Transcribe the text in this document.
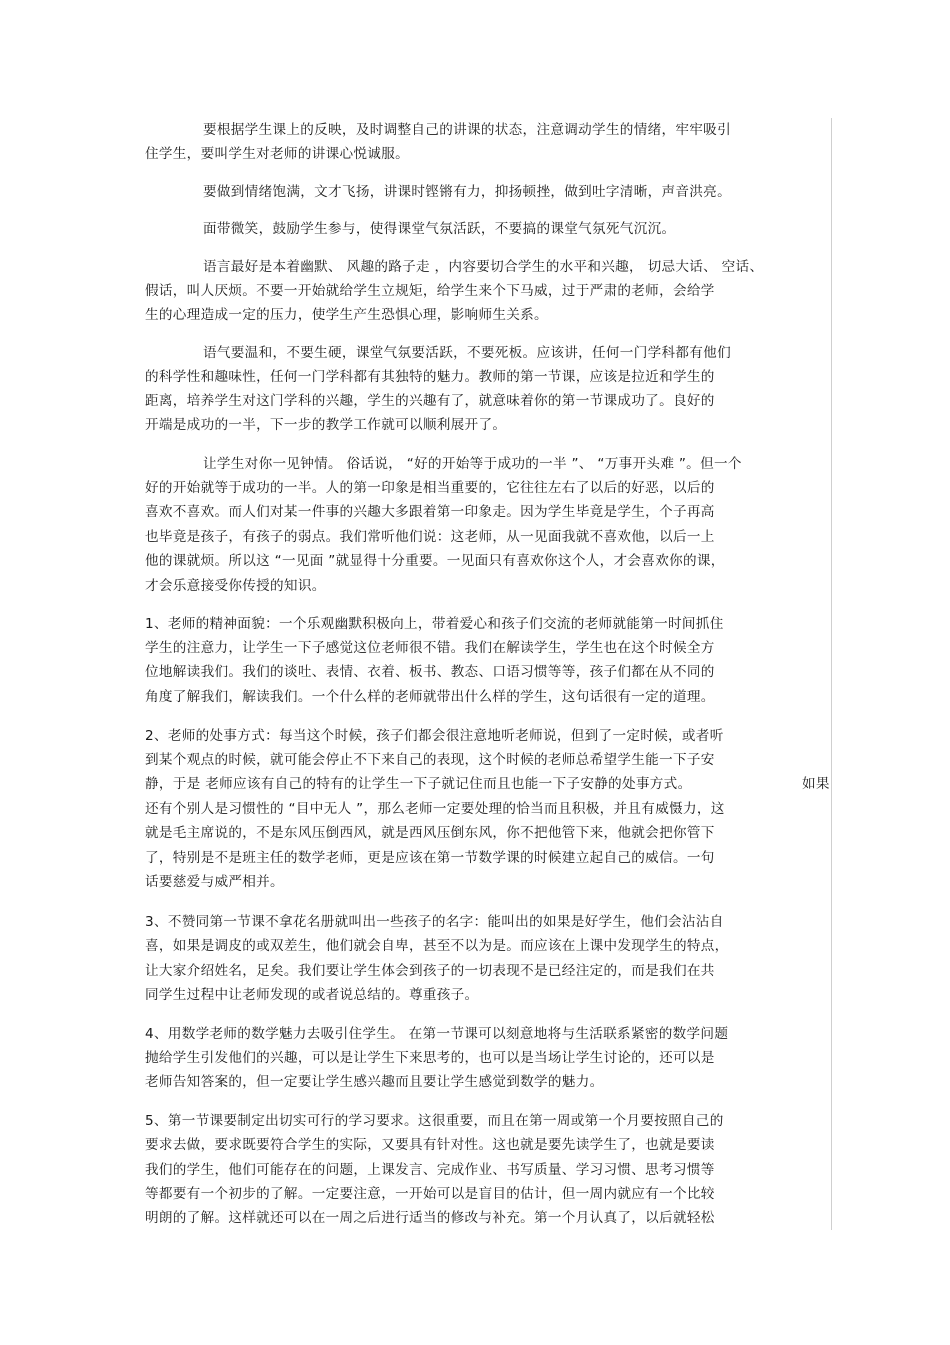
要根据学生课上的反映，及时调整自己的讲课的状态，注意调动学生的情绪，牢牢吸引
住学生，要叫学生对老师的讲课心悦诚服。
要做到情绪饱满，文才飞扬，讲课时铿锵有力，抑扬顿挫，做到吐字清晰，声音洪亮。
面带微笑，鼓励学生参与，使得课堂气氛活跃，不要搞的课堂气氛死气沉沉。
语言最好是本着幽默、 风趣的路子走 ，内容要切合学生的水平和兴趣， 切忌大话、 空话、
假话，叫人厌烦。不要一开始就给学生立规矩，给学生来个下马威，过于严肃的老师，会给学
生的心理造成一定的压力，使学生产生恐惧心理，影响师生关系。
语气要温和，不要生硬，课堂气氛要活跃，不要死板。应该讲，任何一门学科都有他们
的科学性和趣味性，任何一门学科都有其独特的魅力。教师的第一节课，应该是拉近和学生的
距离，培养学生对这门学科的兴趣，学生的兴趣有了，就意味着你的第一节课成功了。良好的
开端是成功的一半，下一步的教学工作就可以顺利展开了。
让学生对你一见钟情。 俗话说， “好的开始等于成功的一半 ”、 “万事开头难 ”。但一个
好的开始就等于成功的一半。人的第一印象是相当重要的，它往往左右了以后的好恶，以后的
喜欢不喜欢。而人们对某一件事的兴趣大多跟着第一印象走。因为学生毕竟是学生，个子再高
也毕竟是孩子，有孩子的弱点。我们常听他们说：这老师，从一见面我就不喜欢他，以后一上
他的课就烦。所以这 “一见面 ”就显得十分重要。一见面只有喜欢你这个人，才会喜欢你的课，
才会乐意接受你传授的知识。
1、老师的精神面貌：一个乐观幽默积极向上，带着爱心和孩子们交流的老师就能第一时间抓住
学生的注意力，让学生一下子感觉这位老师很不错。我们在解读学生，学生也在这个时候全方
位地解读我们。我们的谈吐、表情、衣着、板书、教态、口语习惯等等，孩子们都在从不同的
角度了解我们，解读我们。一个什么样的老师就带出什么样的学生，这句话很有一定的道理。
2、老师的处事方式：每当这个时候，孩子们都会很注意地听老师说，但到了一定时候，或者听
到某个观点的时候，就可能会停止不下来自己的表现，这个时候的老师总希望学生能一下子安
静，于是 老师应该有自己的特有的让学生一下子就记住而且也能一下子安静的处事方式。	如果
还有个别人是习惯性的 “目中无人 ”，那么老师一定要处理的恰当而且积极，并且有威慑力，这
就是毛主席说的，不是东风压倒西风，就是西风压倒东风，你不把他管下来，他就会把你管下
了，特别是不是班主任的数学老师，更是应该在第一节数学课的时候建立起自己的威信。一句
话要慈爱与威严相并。
3、不赞同第一节课不拿花名册就叫出一些孩子的名字：能叫出的如果是好学生，他们会沾沾自
喜，如果是调皮的或双差生，他们就会自卑，甚至不以为是。而应该在上课中发现学生的特点，
让大家介绍姓名，足矣。我们要让学生体会到孩子的一切表现不是已经注定的，而是我们在共
同学生过程中让老师发现的或者说总结的。尊重孩子。
4、用数学老师的数学魅力去吸引住学生。 在第一节课可以刻意地将与生活联系紧密的数学问题
抛给学生引发他们的兴趣，可以是让学生下来思考的，也可以是当场让学生讨论的，还可以是
老师告知答案的，但一定要让学生感兴趣而且要让学生感觉到数学的魅力。
5、第一节课要制定出切实可行的学习要求。这很重要，而且在第一周或第一个月要按照自己的
要求去做，要求既要符合学生的实际，又要具有针对性。这也就是要先读学生了，也就是要读
我们的学生，他们可能存在的问题，上课发言、完成作业、书写质量、学习习惯、思考习惯等
等都要有一个初步的了解。一定要注意，一开始可以是盲目的估计，但一周内就应有一个比较
明朗的了解。这样就还可以在一周之后进行适当的修改与补充。第一个月认真了，以后就轻松
